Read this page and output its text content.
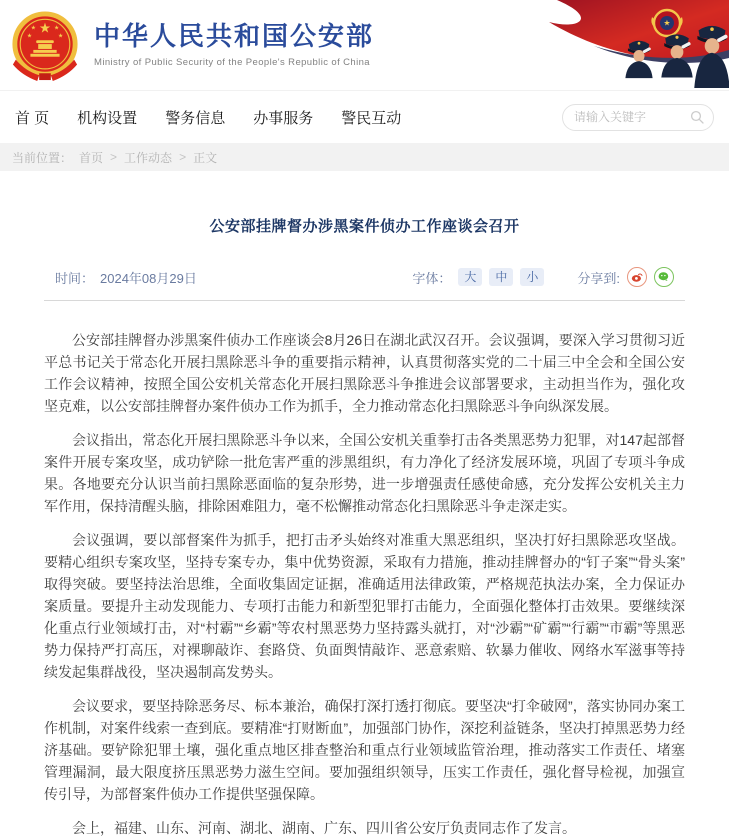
★
★	★
★	★ 中华人民共和国公安部
Ministry of Public Security of the People's Republic of China
★
首 页 机构设置 警务信息 办事服务 警民互动
请输入关键字
当前位置： 首页 > 工作动态 > 正文
公安部挂牌督办涉黑案件侦办工作座谈会召开
时间： 2024年08月29日	字体：	大	中	小	分享到:

公安部挂牌督办涉黑案件侦办工作座谈会8月26日在湖北武汉召开。会议强调，要深入学习贯彻习近平总书记关于常态化开展扫黑除恶斗争的重要指示精神，认真贯彻落实党的二十届三中全会和全国公安工作会议精神，按照全国公安机关常态化开展扫黑除恶斗争推进会议部署要求，主动担当作为，强化攻坚克难，以公安部挂牌督办案件侦办工作为抓手，全力推动常态化扫黑除恶斗争向纵深发展。

会议指出，常态化开展扫黑除恶斗争以来，全国公安机关重拳打击各类黑恶势力犯罪，对147起部督案件开展专案攻坚，成功铲除一批危害严重的涉黑组织，有力净化了经济发展环境，巩固了专项斗争成果。各地要充分认识当前扫黑除恶面临的复杂形势，进一步增强责任感使命感，充分发挥公安机关主力军作用，保持清醒头脑，排除困难阻力，毫不松懈推动常态化扫黑除恶斗争走深走实。

会议强调，要以部督案件为抓手，把打击矛头始终对准重大黑恶组织，坚决打好扫黑除恶攻坚战。要精心组织专案攻坚，坚持专案专办，集中优势资源，采取有力措施，推动挂牌督办的“钉子案”“骨头案” 取得突破。要坚持法治思维，全面收集固定证据，准确适用法律政策，严格规范执法办案，全力保证办案质量。要提升主动发现能力、专项打击能力和新型犯罪打击能力，全面强化整体打击效果。要继续深化重点行业领域打击，对“村霸”“乡霸”等农村黑恶势力坚持露头就打，对“沙霸”“矿霸”“行霸”“市霸”等黑恶势力保持严打高压，对裸聊敲诈、套路贷、负面舆情敲诈、恶意索赔、软暴力催收、网络水军滋事等持续发起集群战役，坚决遏制高发势头。

会议要求，要坚持除恶务尽、标本兼治，确保打深打透打彻底。要坚决“打伞破网”，落实协同办案工作机制，对案件线索一查到底。要精准“打财断血”，加强部门协作，深挖利益链条，坚决打掉黑恶势力经济基础。要铲除犯罪土壤，强化重点地区排查整治和重点行业领域监管治理，推动落实工作责任、堵塞管理漏洞，最大限度挤压黑恶势力滋生空间。要加强组织领导，压实工作责任，强化督导检视，加强宣传引导，为部督案件侦办工作提供坚强保障。

会上，福建、山东、河南、湖北、湖南、广东、四川省公安厅负责同志作了发言。
